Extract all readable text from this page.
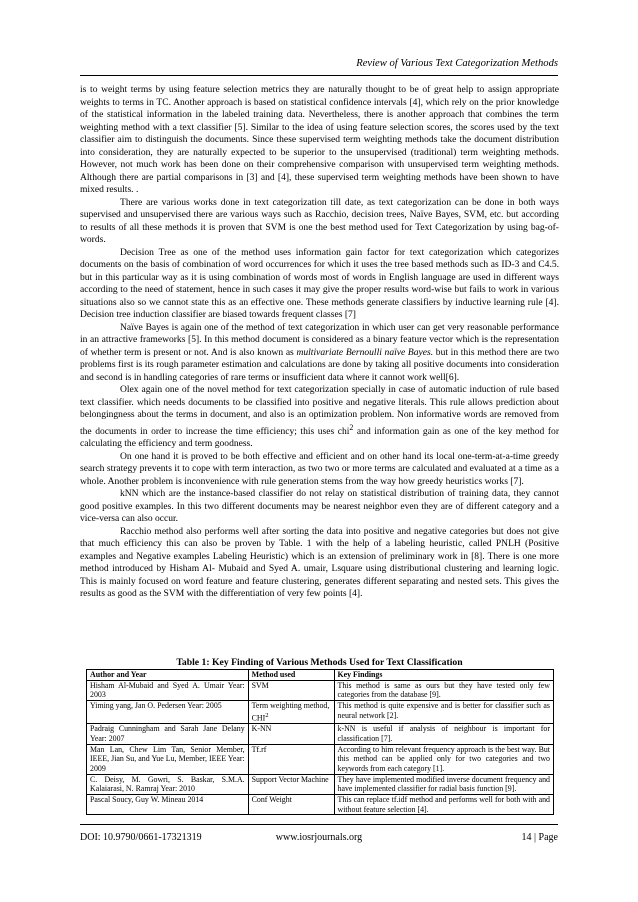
Review of Various Text Categorization Methods

is to weight terms by using feature selection metrics they are naturally thought to be of great help to assign appropriate weights to terms in TC. Another approach is based on statistical confidence intervals [4], which rely on the prior knowledge of the statistical information in the labeled training data. Nevertheless, there is another approach that combines the term weighting method with a text classifier [5]. Similar to the idea of using feature selection scores, the scores used by the text classifier aim to distinguish the documents. Since these supervised term weighting methods take the document distribution into consideration, they are naturally expected to be superior to the unsupervised (traditional) term weighting methods. However, not much work has been done on their comprehensive comparison with unsupervised term weighting methods. Although there are partial comparisons in [3] and [4], these supervised term weighting methods have been shown to have mixed results. .

There are various works done in text categorization till date, as text categorization can be done in both ways supervised and unsupervised there are various ways such as Racchio, decision trees, Naïve Bayes, SVM, etc. but according to results of all these methods it is proven that SVM is one the best method used for Text Categorization by using bag-of-words.

Decision Tree as one of the method uses information gain factor for text categorization which categorizes documents on the basis of combination of word occurrences for which it uses the tree based methods such as ID-3 and C4.5. but in this particular way as it is using combination of words most of words in English language are used in different ways according to the need of statement, hence in such cases it may give the proper results word-wise but fails to work in various situations also so we cannot state this as an effective one. These methods generate classifiers by inductive learning rule [4]. Decision tree induction classifier are biased towards frequent classes [7]

Naïve Bayes is again one of the method of text categorization in which user can get very reasonable performance in an attractive frameworks [5]. In this method document is considered as a binary feature vector which is the representation of whether term is present or not. And is also known as multivariate Bernoulli naïve Bayes. but in this method there are two problems first is its rough parameter estimation and calculations are done by taking all positive documents into consideration and second is in handling categories of rare terms or insufficient data where it cannot work well[6].

Olex again one of the novel method for text categorization specially in case of automatic induction of rule based text classifier. which needs documents to be classified into positive and negative literals. This rule allows prediction about belongingness about the terms in document, and also is an optimization problem. Non informative words are removed from the documents in order to increase the time efficiency; this uses chi$^2$ and information gain as one of the key method for calculating the efficiency and term goodness.

On one hand it is proved to be both effective and efficient and on other hand its local one-term-at-a-time greedy search strategy prevents it to cope with term interaction, as two two or more terms are calculated and evaluated at a time as a whole. Another problem is inconvenience with rule generation stems from the way how greedy heuristics works [7].

kNN which are the instance-based classifier do not relay on statistical distribution of training data, they cannot good positive examples. In this two different documents may be nearest neighbor even they are of different category and a vice-versa can also occur.

Racchio method also performs well after sorting the data into positive and negative categories but does not give that much efficiency this can also be proven by Table. 1 with the help of a labeling heuristic, called PNLH (Positive examples and Negative examples Labeling Heuristic) which is an extension of preliminary work in [8]. There is one more method introduced by Hisham Al- Mubaid and Syed A. umair, Lsquare using distributional clustering and learning logic. This is mainly focused on word feature and feature clustering, generates different separating and nested sets. This gives the results as good as the SVM with the differentiation of very few points [4].

Table 1: Key Finding of Various Methods Used for Text Classification
Author and Year	Method used	Key Findings
Hisham Al-Mubaid and Syed A. Umair Year: 2003	SVM	This method is same as ours but they have tested only few categories from the database [9].
Yiming yang, Jan O. Pedersen Year: 2005	Term weighting method, CHI$^2$	This method is quite expensive and is better for classifier such as neural network [2].
Padraig Cunningham and Sarah Jane Delany Year: 2007	K-NN	k-NN is useful if analysis of neighbour is important for classification [7].
Man Lan, Chew Lim Tan, Senior Member, IEEE, Jian Su, and Yue Lu, Member, IEEE Year: 2009	Tf.rf	According to him relevant frequency approach is the best way. But this method can be applied only for two categories and two keywords from each category [1].
C. Deisy, M. Gowri, S. Baskar, S.M.A. Kalaiarasi, N. Ramraj Year: 2010	Support Vector Machine	They have implemented modified inverse document frequency and have implemented classifier for radial basis function [9].
Pascal Soucy, Guy W. Mineau 2014	Conf Weight	This can replace tf.idf method and performs well for both with and without feature selection [4].
DOI: 10.9790/0661-17321319	www.iosrjournals.org	14 | Page
